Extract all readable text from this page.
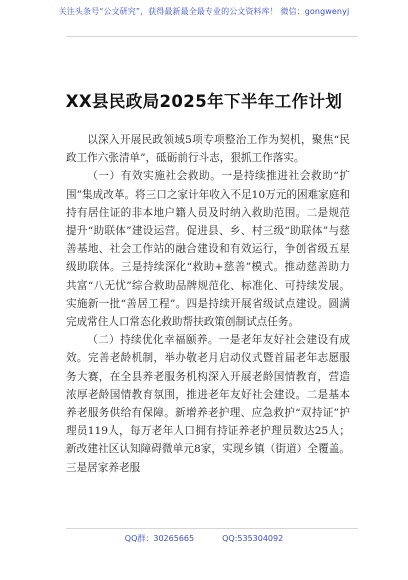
关注头条号“公文研究”，获得最新最全最专业的公文资料库！ 微信：gongwenyj
XX县民政局2025年下半年工作计划

以深入开展民政领域5项专项整治工作为契机，聚焦“民政工作六张清单”，砥砺前行斗志，狠抓工作落实。

（一）有效实施社会救助。一是持续推进社会救助“扩围”集成改革。将三口之家计年收入不足10万元的困难家庭和持有居住证的非本地户籍人员及时纳入救助范围。二是规范提升“助联体”建设运营。促进县、乡、村三级“助联体”与慈善基地、社会工作站的融合建设和有效运行，争创省级五星级助联体。三是持续深化“救助+慈善”模式。推动慈善助力共富“八无忧”综合救助品牌规范化、标准化、可持续发展。实施新一批“善居工程”。四是持续开展省级试点建设。圆满完成常住人口常态化救助帮扶政策创制试点任务。

（二）持续优化幸福颐养。一是老年友好社会建设有成效。完善老龄机制，举办敬老月启动仪式暨首届老年志愿服务大赛，在全县养老服务机构深入开展老龄国情教育，营造浓厚老龄国情教育氛围，推进老年友好社会建设。二是基本养老服务供给有保障。新增养老护理、应急救护“双持证”护理员119人，每万老年人口拥有持证养老护理员数达25人；新改建社区认知障碍微单元8家，实现乡镇（街道）全覆盖。三是居家养老服

QQ群：30265665	QQ:535304092
